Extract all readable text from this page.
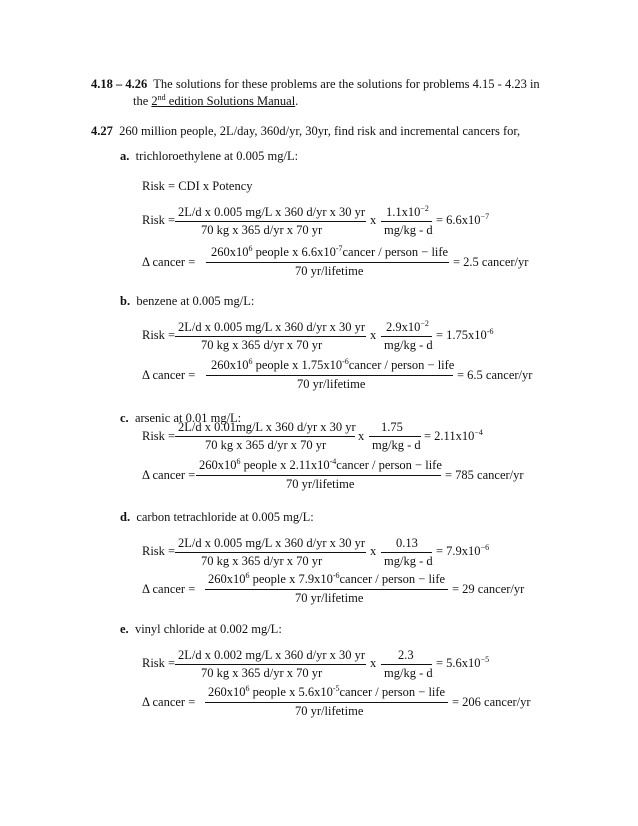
4.18 – 4.26 The solutions for these problems are the solutions for problems 4.15 - 4.23 in
the 2nd edition Solutions Manual.
4.27 260 million people, 2L/day, 360d/yr, 30yr, find risk and incremental cancers for,
a. trichloroethylene at 0.005 mg/L:
Risk = CDI x Potency
Risk =
2L/d x 0.005 mg/L x 360 d/yr x 30 yr
70 kg x 365 d/yr x 70 yr
x
$1.1x10^{-2}$
mg/kg - d
= $6.6x10^{-7}$
Δ cancer =
$260x10^6$ people x $6.6x10^{-7}cancer$ / person − life
70 yr/lifetime
= 2.5 cancer/yr
b. benzene at 0.005 mg/L:
Risk =
2L/d x 0.005 mg/L x 360 d/yr x 30 yr
70 kg x 365 d/yr x 70 yr
x
$2.9x10^{-2}$
mg/kg - d
= $1.75x10^{-6}$
Δ cancer =
$260x10^6$ people x $1.75x10^{-6}cancer$ / person − life
70 yr/lifetime
= 6.5 cancer/yr
c. arsenic at 0.01 mg/L:
Risk =
2L/d x 0.01mg/L x 360 d/yr x 30 yr
70 kg x 365 d/yr x 70 yr
x
1.75
mg/kg - d
= $2.11x10^{-4}$
Δ cancer =
$260x10^6$ people x $2.11x10^{-4}cancer$ / person − life
70 yr/lifetime
= 785 cancer/yr
d. carbon tetrachloride at 0.005 mg/L:
Risk =
2L/d x 0.005 mg/L x 360 d/yr x 30 yr
70 kg x 365 d/yr x 70 yr
x
0.13
mg/kg - d
= $7.9x10^{-6}$
Δ cancer =
$260x10^6$ people x $7.9x10^{-6}cancer$ / person − life
70 yr/lifetime
= 29 cancer/yr
e. vinyl chloride at 0.002 mg/L:
Risk =
2L/d x 0.002 mg/L x 360 d/yr x 30 yr
70 kg x 365 d/yr x 70 yr
x
2.3
mg/kg - d
= $5.6x10^{-5}$
Δ cancer =
$260x10^6$ people x $5.6x10^{-5}cancer$ / person − life
70 yr/lifetime
= 206 cancer/yr
